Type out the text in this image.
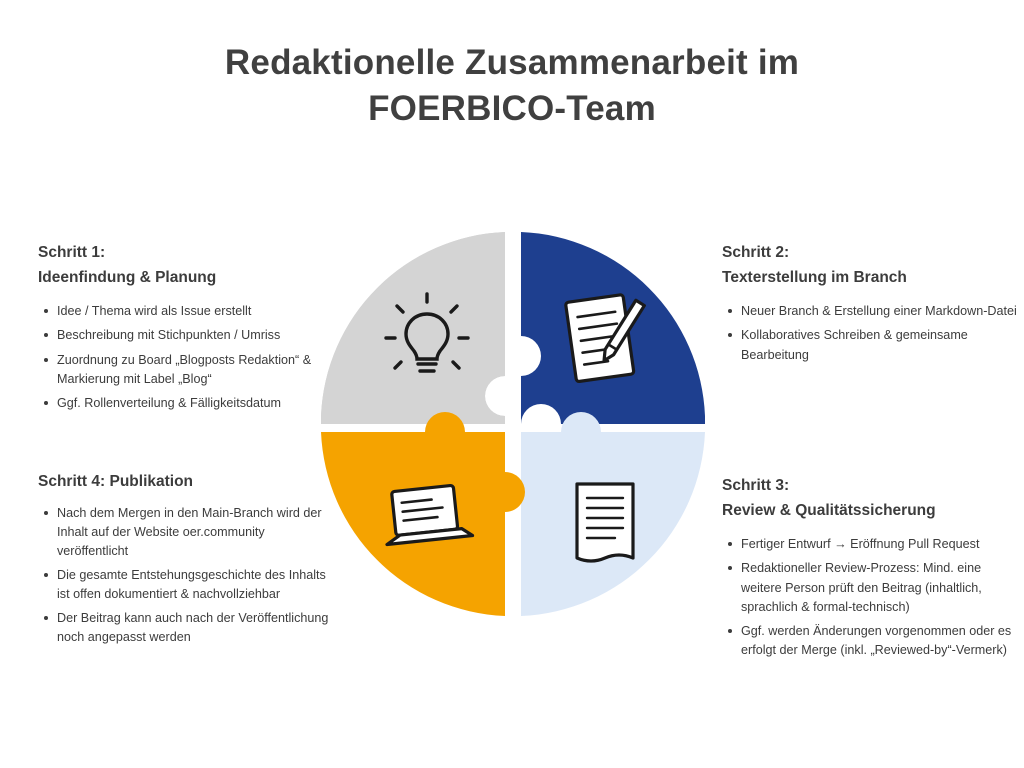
Redaktionelle Zusammenarbeit im
FOERBICO-Team
Schritt 1:
Ideenfindung & Planung
Idee / Thema wird als Issue erstellt
Beschreibung mit Stichpunkten / Umriss
Zuordnung zu Board „Blogposts Redaktion“ & Markierung mit Label „Blog“
Ggf. Rollenverteilung & Fälligkeitsdatum
Schritt 2:
Texterstellung im Branch
Neuer Branch & Erstellung einer Markdown-Datei
Kollaboratives Schreiben & gemeinsame Bearbeitung
Schritt 4: Publikation
Nach dem Mergen in den Main-Branch wird der Inhalt auf der Website oer.community veröffentlicht
Die gesamte Entstehungsgeschichte des Inhalts ist offen dokumentiert & nachvollziehbar
Der Beitrag kann auch nach der Veröffentlichung noch angepasst werden
Schritt 3:
Review & Qualitätssicherung
Fertiger Entwurf → Eröffnung Pull Request
Redaktioneller Review-Prozess: Mind. eine weitere Person prüft den Beitrag (inhaltlich, sprachlich & formal-technisch)
Ggf. werden Änderungen vorgenommen oder es erfolgt der Merge (inkl. „Reviewed-by“-Vermerk)
